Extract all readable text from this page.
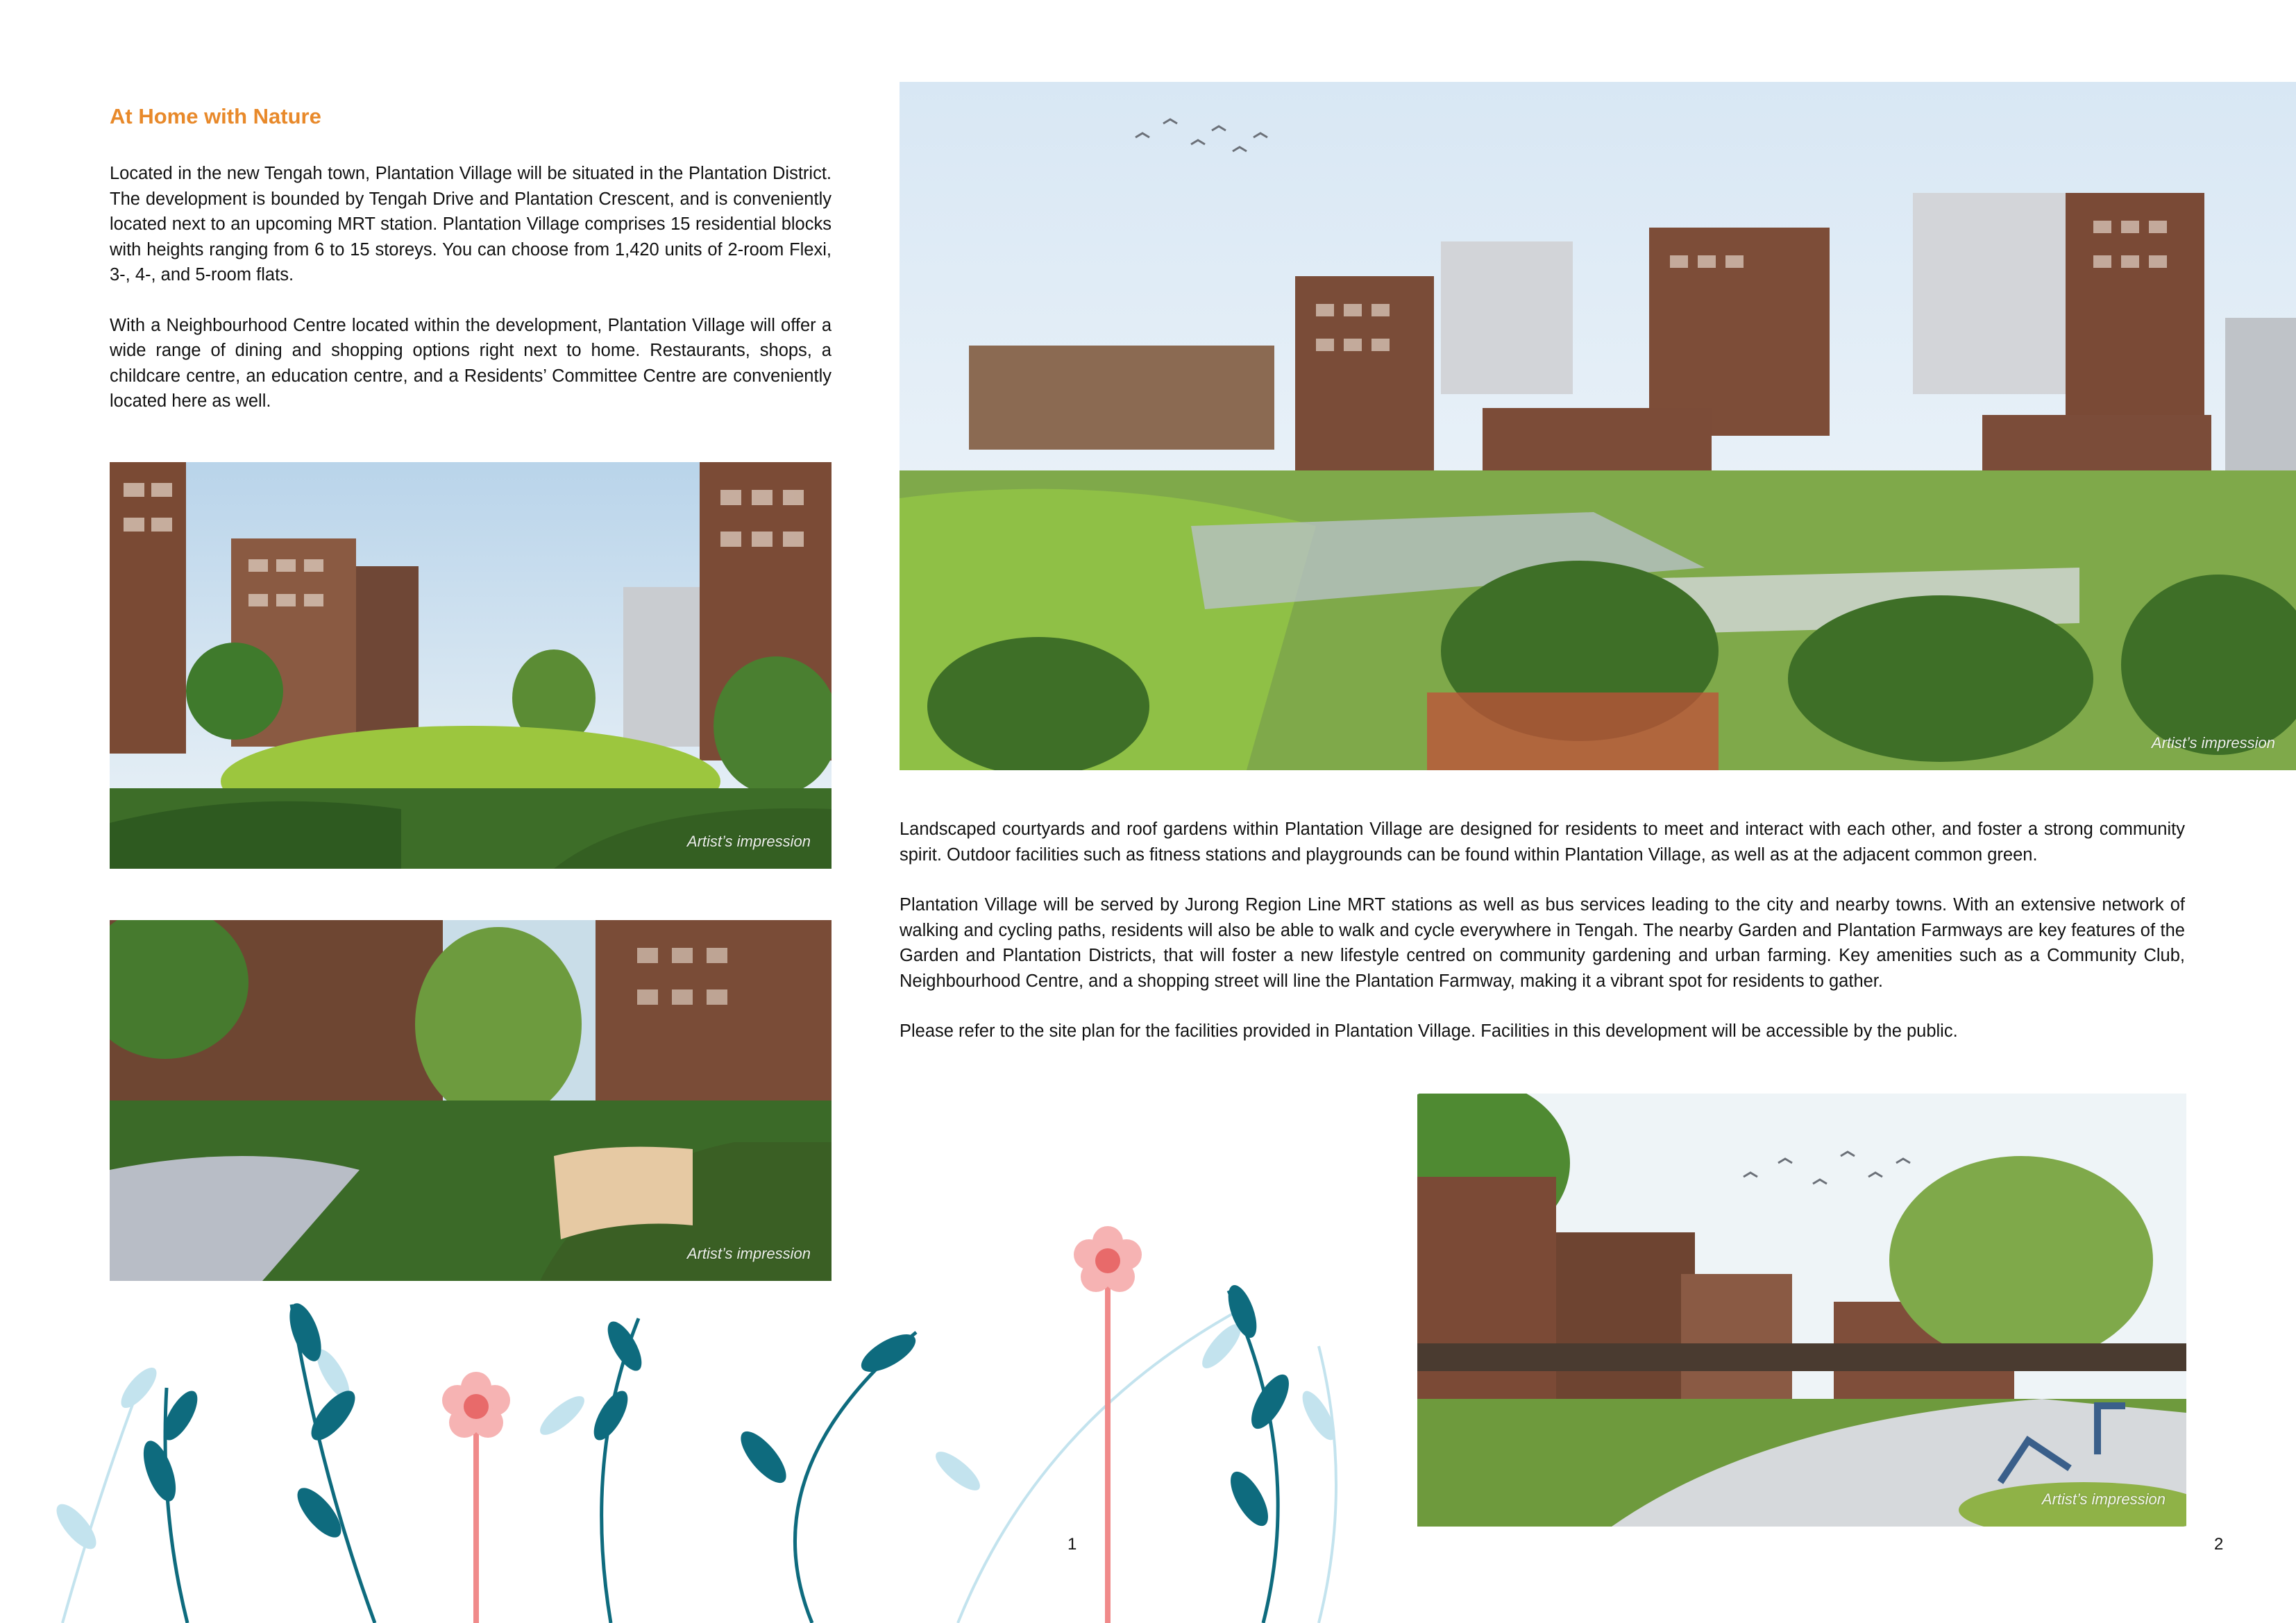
At Home with Nature

Located in the new Tengah town, Plantation Village will be situated in the Plantation District. The development is bounded by Tengah Drive and Plantation Crescent, and is conveniently located next to an upcoming MRT station. Plantation Village comprises 15 residential blocks with heights ranging from 6 to 15 storeys. You can choose from 1,420 units of 2-room Flexi, 3-, 4-, and 5-room flats.

With a Neighbourhood Centre located within the development, Plantation Village will offer a wide range of dining and shopping options right next to home. Restaurants, shops, a childcare centre, an education centre, and a Residents’ Committee Centre are conveniently located here as well.

Artist’s impression
Artist’s impression
Artist’s impression

Landscaped courtyards and roof gardens within Plantation Village are designed for residents to meet and interact with each other, and foster a strong community spirit. Outdoor facilities such as fitness stations and playgrounds can be found within Plantation Village, as well as at the adjacent common green.

Plantation Village will be served by Jurong Region Line MRT stations as well as bus services leading to the city and nearby towns. With an extensive network of walking and cycling paths, residents will also be able to walk and cycle everywhere in Tengah. The nearby Garden and Plantation Farmways are key features of the Garden and Plantation Districts, that will foster a new lifestyle centred on community gardening and urban farming. Key amenities such as a Community Club, Neighbourhood Centre, and a shopping street will line the Plantation Farmway, making it a vibrant spot for residents to gather.

Please refer to the site plan for the facilities provided in Plantation Village. Facilities in this development will be accessible by the public.

Artist’s impression
1	2
